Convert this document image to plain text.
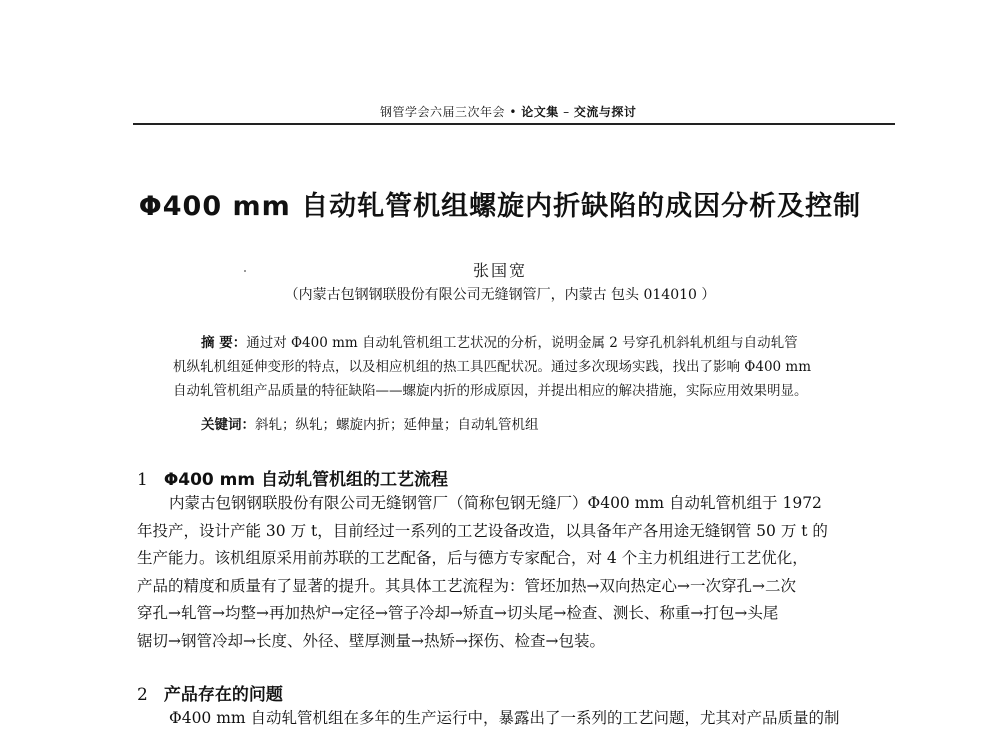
钢管学会六届三次年会 • 论文集 – 交流与探讨
Φ400 mm 自动轧管机组螺旋内折缺陷的成因分析及控制
张国宽
（内蒙古包钢钢联股份有限公司无缝钢管厂，内蒙古 包头 014010 ）
摘 要：通过对 Φ400 mm 自动轧管机组工艺状况的分析，说明金属 2 号穿孔机斜轧机组与自动轧管
机纵轧机组延伸变形的特点，以及相应机组的热工具匹配状况。通过多次现场实践，找出了影响 Φ400 mm
自动轧管机组产品质量的特征缺陷——螺旋内折的形成原因，并提出相应的解决措施，实际应用效果明显。
关键词：斜轧；纵轧；螺旋内折；延伸量；自动轧管机组
1 Φ400 mm 自动轧管机组的工艺流程
内蒙古包钢钢联股份有限公司无缝钢管厂（简称包钢无缝厂）Φ400 mm 自动轧管机组于 1972
年投产，设计产能 30 万 t，目前经过一系列的工艺设备改造，以具备年产各用途无缝钢管 50 万 t 的
生产能力。该机组原采用前苏联的工艺配备，后与德方专家配合，对 4 个主力机组进行工艺优化，
产品的精度和质量有了显著的提升。其具体工艺流程为：管坯加热→双向热定心→一次穿孔→二次
穿孔→轧管→均整→再加热炉→定径→管子冷却→矫直→切头尾→检查、测长、称重→打包→头尾
锯切→钢管冷却→长度、外径、壁厚测量→热矫→探伤、检查→包装。
2 产品存在的问题
Φ400 mm 自动轧管机组在多年的生产运行中，暴露出了一系列的工艺问题，尤其对产品质量的制
